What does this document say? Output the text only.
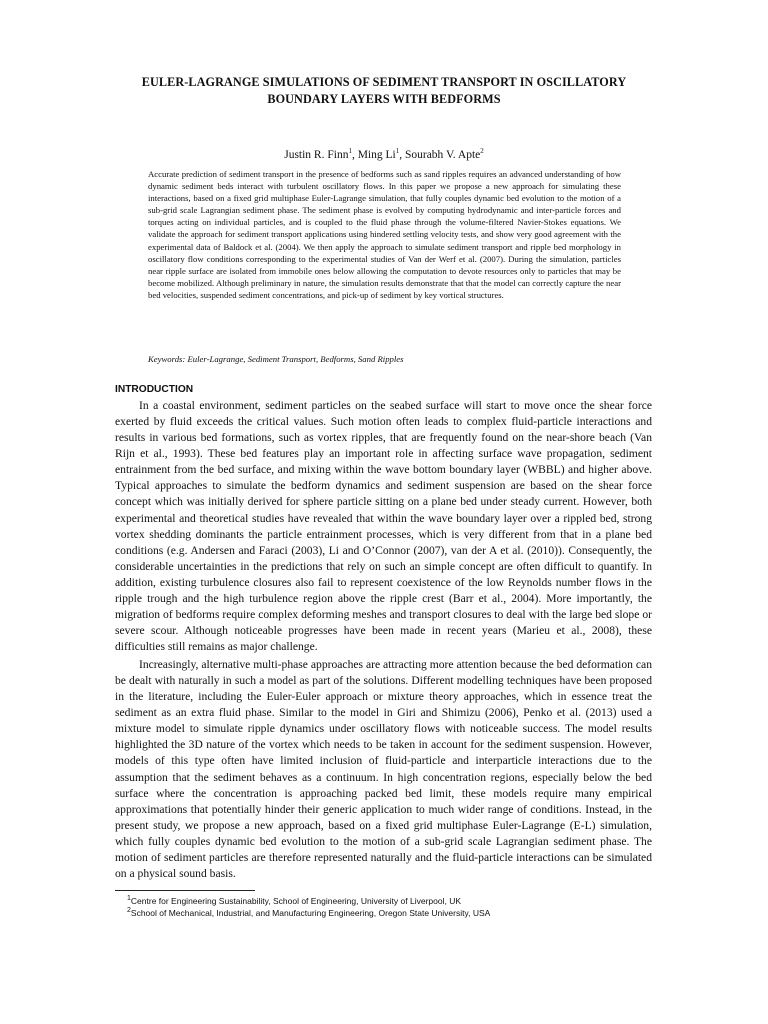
EULER-LAGRANGE SIMULATIONS OF SEDIMENT TRANSPORT IN OSCILLATORY
BOUNDARY LAYERS WITH BEDFORMS
Justin R. Finn$^1$, Ming Li$^1$, Sourabh V. Apte$^2$

Accurate prediction of sediment transport in the presence of bedforms such as sand ripples requires an advanced understanding of how dynamic sediment beds interact with turbulent oscillatory flows. In this paper we propose a new approach for simulating these interactions, based on a fixed grid multiphase Euler-Lagrange simulation, that fully couples dynamic bed evolution to the motion of a sub-grid scale Lagrangian sediment phase. The sediment phase is evolved by computing hydrodynamic and inter-particle forces and torques acting on individual particles, and is coupled to the fluid phase through the volume-filtered Navier-Stokes equations. We validate the approach for sediment transport applications using hindered settling velocity tests, and show very good agreement with the experimental data of Baldock et al. (2004). We then apply the approach to simulate sediment transport and ripple bed morphology in oscillatory flow conditions corresponding to the experimental studies of Van der Werf et al. (2007). During the simulation, particles near ripple surface are isolated from immobile ones below allowing the computation to devote resources only to particles that may be become mobilized. Although preliminary in nature, the simulation results demonstrate that that the model can correctly capture the near bed velocities, suspended sediment concentrations, and pick-up of sediment by key vortical structures.

Keywords: Euler-Lagrange, Sediment Transport, Bedforms, Sand Ripples

INTRODUCTION

In a coastal environment, sediment particles on the seabed surface will start to move once the shear force exerted by fluid exceeds the critical values. Such motion often leads to complex fluid-particle interactions and results in various bed formations, such as vortex ripples, that are frequently found on the near-shore beach (Van Rijn et al., 1993). These bed features play an important role in affecting surface wave propagation, sediment entrainment from the bed surface, and mixing within the wave bottom boundary layer (WBBL) and higher above. Typical approaches to simulate the bedform dynamics and sediment suspension are based on the shear force concept which was initially derived for sphere particle sitting on a plane bed under steady current. However, both experimental and theoretical studies have revealed that within the wave boundary layer over a rippled bed, strong vortex shedding dominants the particle entrainment processes, which is very different from that in a plane bed conditions (e.g. Andersen and Faraci (2003), Li and O’Connor (2007), van der A et al. (2010)). Consequently, the considerable uncertainties in the predictions that rely on such an simple concept are often difficult to quantify. In addition, existing turbulence closures also fail to represent coexistence of the low Reynolds number flows in the ripple trough and the high turbulence region above the ripple crest (Barr et al., 2004). More importantly, the migration of bedforms require complex deforming meshes and transport closures to deal with the large bed slope or severe scour. Although noticeable progresses have been made in recent years (Marieu et al., 2008), these difficulties still remains as major challenge.

Increasingly, alternative multi-phase approaches are attracting more attention because the bed deformation can be dealt with naturally in such a model as part of the solutions. Different modelling techniques have been proposed in the literature, including the Euler-Euler approach or mixture theory approaches, which in essence treat the sediment as an extra fluid phase. Similar to the model in Giri and Shimizu (2006), Penko et al. (2013) used a mixture model to simulate ripple dynamics under oscillatory flows with noticeable success. The model results highlighted the 3D nature of the vortex which needs to be taken in account for the sediment suspension. However, models of this type often have limited inclusion of fluid-particle and interparticle interactions due to the assumption that the sediment behaves as a continuum. In high concentration regions, especially below the bed surface where the concentration is approaching packed bed limit, these models require many empirical approximations that potentially hinder their generic application to much wider range of conditions. Instead, in the present study, we propose a new approach, based on a fixed grid multiphase Euler-Lagrange (E-L) simulation, which fully couples dynamic bed evolution to the motion of a sub-grid scale Lagrangian sediment phase. The motion of sediment particles are therefore represented naturally and the fluid-particle interactions can be simulated on a physical sound basis.

$^1$Centre for Engineering Sustainability, School of Engineering, University of Liverpool, UK

$^2$School of Mechanical, Industrial, and Manufacturing Engineering, Oregon State University, USA
